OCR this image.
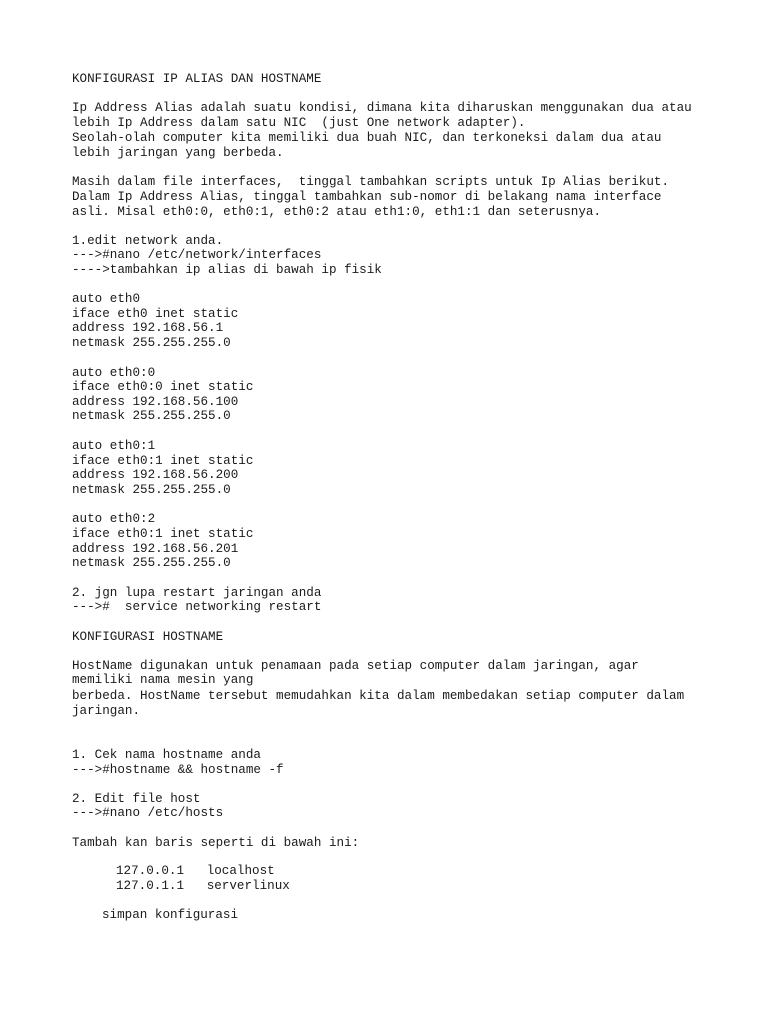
KONFIGURASI IP ALIAS DAN HOSTNAME

Ip Address Alias adalah suatu kondisi, dimana kita diharuskan menggunakan dua atau

lebih Ip Address dalam satu NIC  (just One network adapter).

Seolah-olah computer kita memiliki dua buah NIC, dan terkoneksi dalam dua atau

lebih jaringan yang berbeda.

Masih dalam file interfaces,  tinggal tambahkan scripts untuk Ip Alias berikut.

Dalam Ip Address Alias, tinggal tambahkan sub-nomor di belakang nama interface

asli. Misal eth0:0, eth0:1, eth0:2 atau eth1:0, eth1:1 dan seterusnya.

1.edit network anda.

--->#nano /etc/network/interfaces

---->tambahkan ip alias di bawah ip fisik

auto eth0

iface eth0 inet static

address 192.168.56.1

netmask 255.255.255.0

auto eth0:0

iface eth0:0 inet static

address 192.168.56.100

netmask 255.255.255.0

auto eth0:1

iface eth0:1 inet static

address 192.168.56.200

netmask 255.255.255.0

auto eth0:2

iface eth0:1 inet static

address 192.168.56.201

netmask 255.255.255.0

2. jgn lupa restart jaringan anda

--->#  service networking restart

KONFIGURASI HOSTNAME

HostName digunakan untuk penamaan pada setiap computer dalam jaringan, agar

memiliki nama mesin yang

berbeda. HostName tersebut memudahkan kita dalam membedakan setiap computer dalam

jaringan.

1. Cek nama hostname anda

--->#hostname && hostname -f

2. Edit file host

--->#nano /etc/hosts

Tambah kan baris seperti di bawah ini:

127.0.0.1   localhost

127.0.1.1   serverlinux

simpan konfigurasi
